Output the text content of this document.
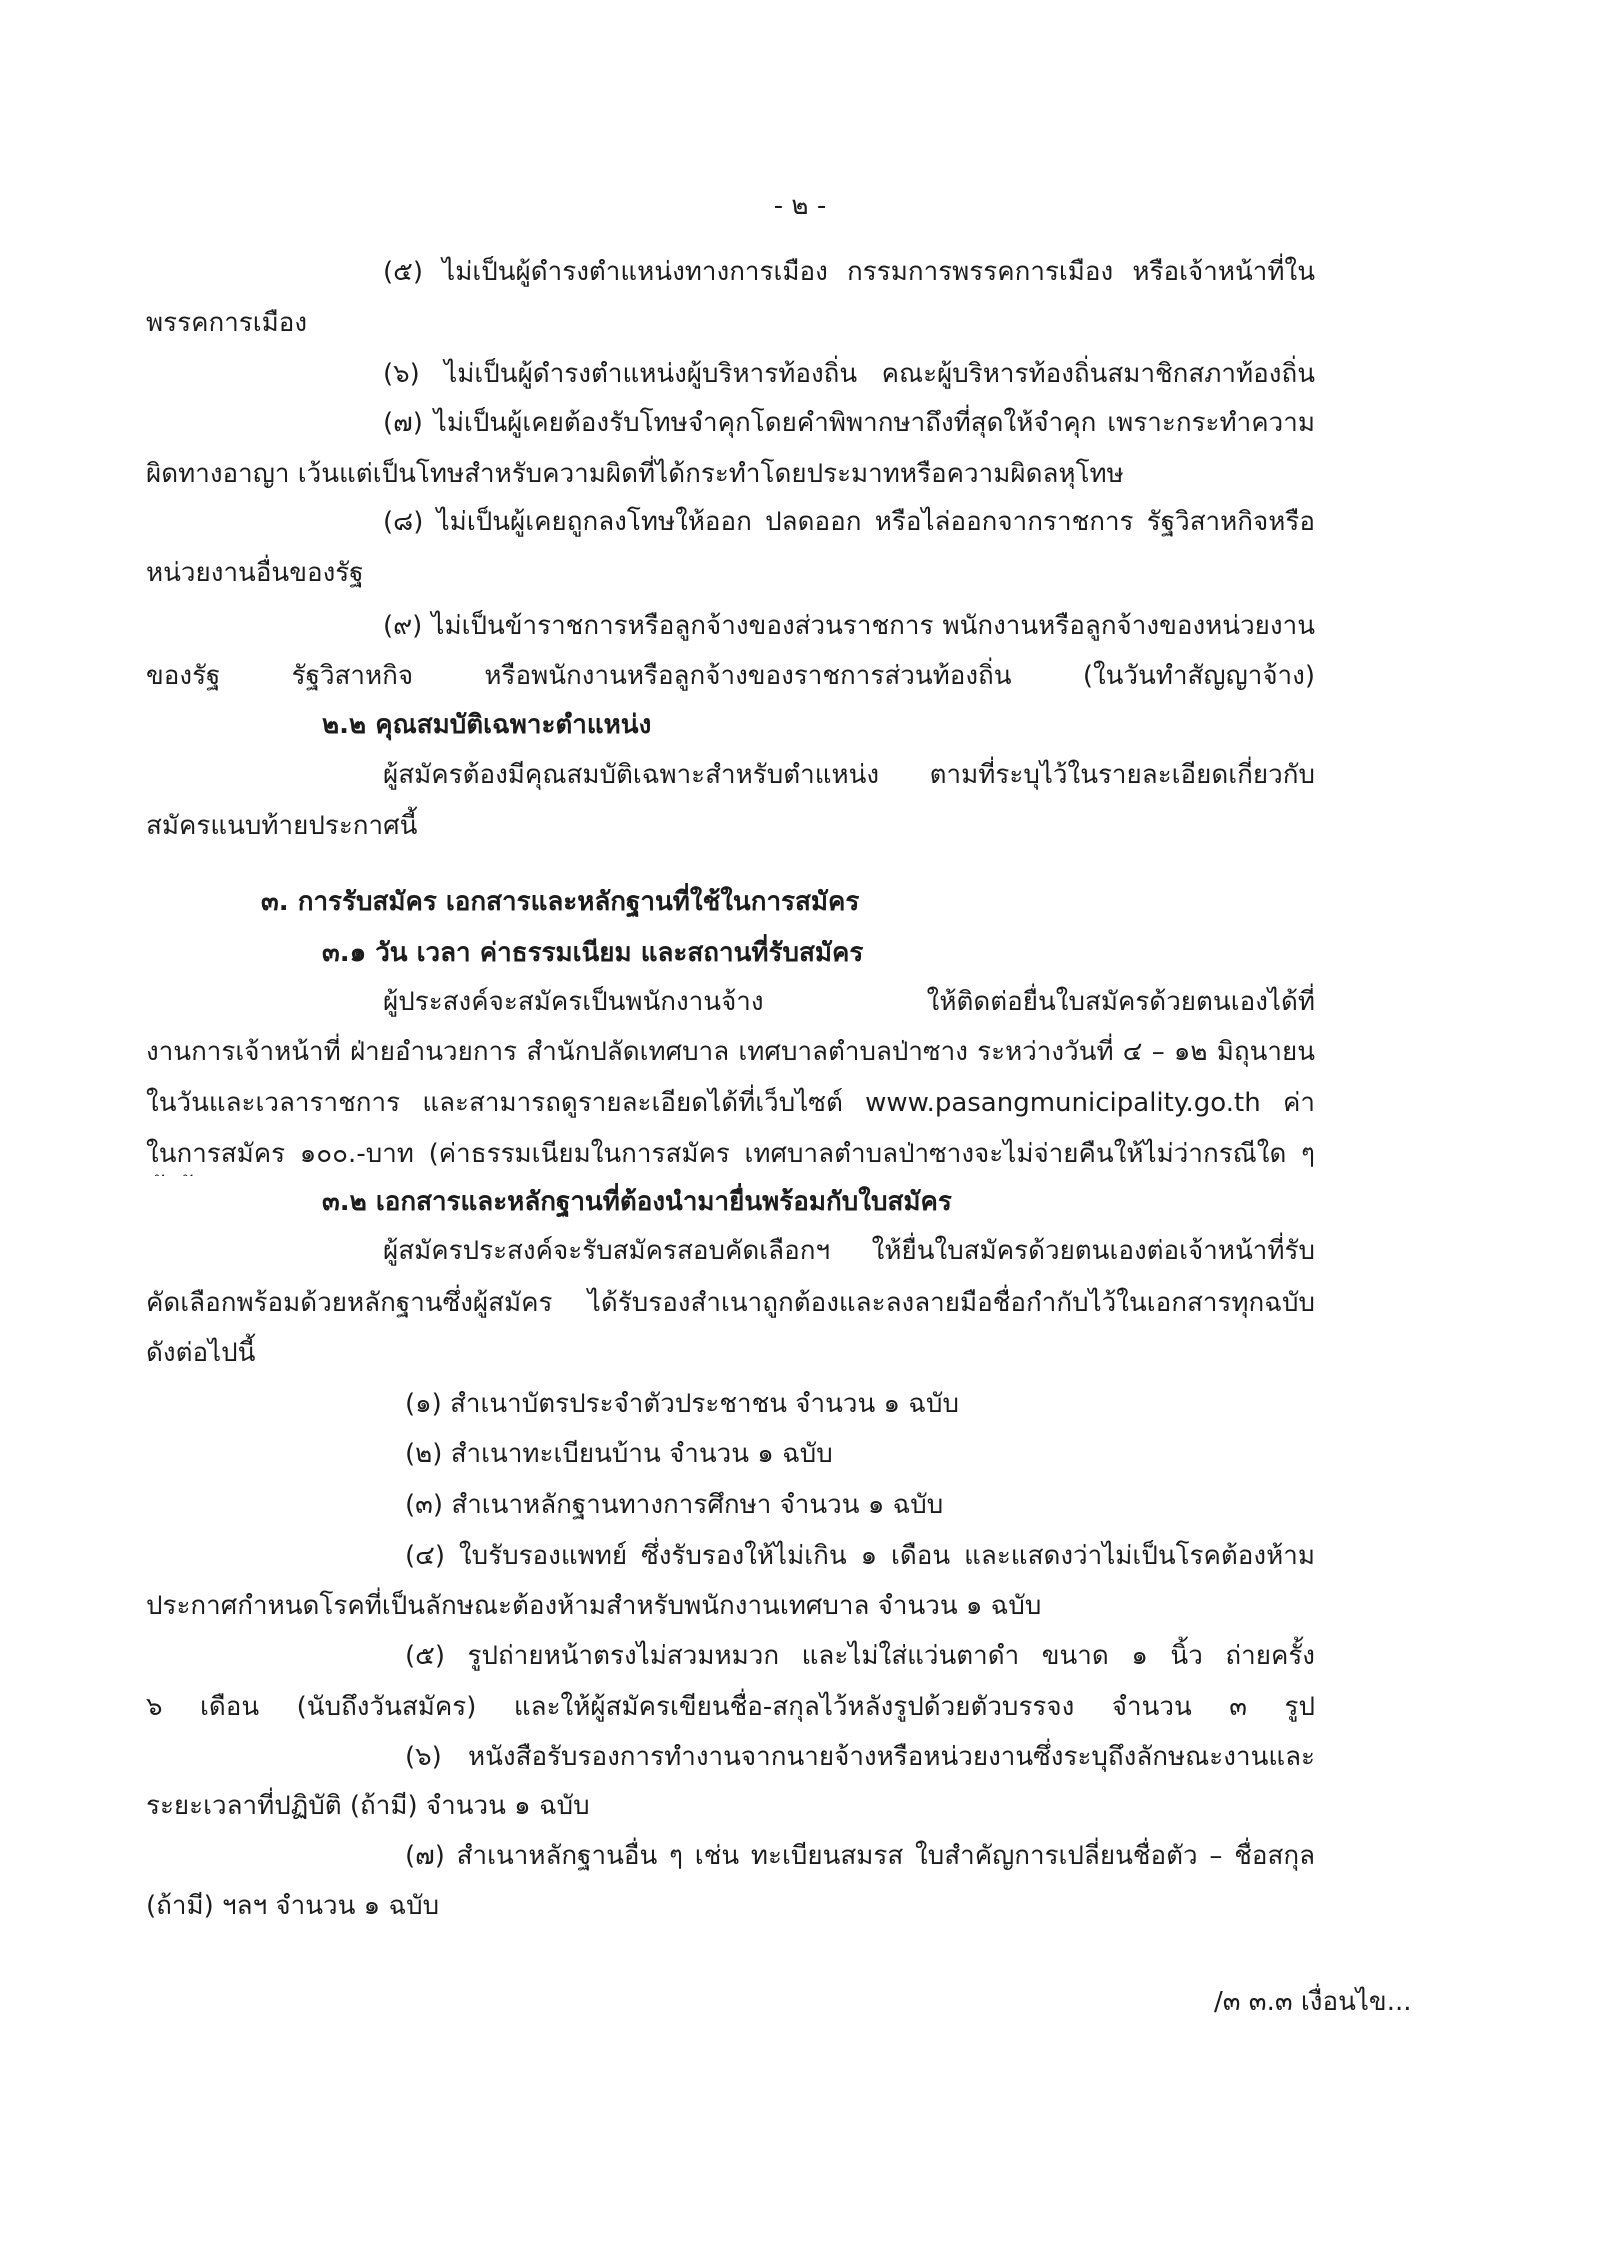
- ๒ -
(๕) ไม่เป็นผู้ดำรงตำแหน่งทางการเมือง กรรมการพรรคการเมือง หรือเจ้าหน้าที่ใน
พรรคการเมือง
(๖) ไม่เป็นผู้ดำรงตำแหน่งผู้บริหารท้องถิ่น คณะผู้บริหารท้องถิ่นสมาชิกสภาท้องถิ่น
(๗) ไม่เป็นผู้เคยต้องรับโทษจำคุกโดยคำพิพากษาถึงที่สุดให้จำคุก เพราะกระทำความ
ผิดทางอาญา เว้นแต่เป็นโทษสำหรับความผิดที่ได้กระทำโดยประมาทหรือความผิดลหุโทษ
(๘) ไม่เป็นผู้เคยถูกลงโทษให้ออก ปลดออก หรือไล่ออกจากราชการ รัฐวิสาหกิจหรือ
หน่วยงานอื่นของรัฐ
(๙) ไม่เป็นข้าราชการหรือลูกจ้างของส่วนราชการ พนักงานหรือลูกจ้างของหน่วยงาน
ของรัฐ รัฐวิสาหกิจ หรือพนักงานหรือลูกจ้างของราชการส่วนท้องถิ่น (ในวันทำสัญญาจ้าง)
๒.๒ คุณสมบัติเฉพาะตำแหน่ง
ผู้สมัครต้องมีคุณสมบัติเฉพาะสำหรับตำแหน่ง ตามที่ระบุไว้ในรายละเอียดเกี่ยวกับ
สมัครแนบท้ายประกาศนี้
๓. การรับสมัคร เอกสารและหลักฐานที่ใช้ในการสมัคร
๓.๑ วัน เวลา ค่าธรรมเนียม และสถานที่รับสมัคร
ผู้ประสงค์จะสมัครเป็นพนักงานจ้าง ให้ติดต่อยื่นใบสมัครด้วยตนเองได้ที่
งานการเจ้าหน้าที่ ฝ่ายอำนวยการ สำนักปลัดเทศบาล เทศบาลตำบลป่าซาง ระหว่างวันที่ ๔ – ๑๒ มิถุนายน
ในวันและเวลาราชการ และสามารถดูรายละเอียดได้ที่เว็บไซต์ www.pasangmunicipality.go.th ค่า
ในการสมัคร ๑๐๐.-บาท (ค่าธรรมเนียมในการสมัคร เทศบาลตำบลป่าซางจะไม่จ่ายคืนให้ไม่ว่ากรณีใด ๆ
๓.๒ เอกสารและหลักฐานที่ต้องนำมายื่นพร้อมกับใบสมัคร
ผู้สมัครประสงค์จะรับสมัครสอบคัดเลือกฯ ให้ยื่นใบสมัครด้วยตนเองต่อเจ้าหน้าที่รับ
คัดเลือกพร้อมด้วยหลักฐานซึ่งผู้สมัคร ได้รับรองสำเนาถูกต้องและลงลายมือชื่อกำกับไว้ในเอกสารทุกฉบับ
ดังต่อไปนี้
(๑) สำเนาบัตรประจำตัวประชาชน จำนวน ๑ ฉบับ
(๒) สำเนาทะเบียนบ้าน จำนวน ๑ ฉบับ
(๓) สำเนาหลักฐานทางการศึกษา จำนวน ๑ ฉบับ
(๔) ใบรับรองแพทย์ ซึ่งรับรองให้ไม่เกิน ๑ เดือน และแสดงว่าไม่เป็นโรคต้องห้าม
ประกาศกำหนดโรคที่เป็นลักษณะต้องห้ามสำหรับพนักงานเทศบาล จำนวน ๑ ฉบับ
(๕) รูปถ่ายหน้าตรงไม่สวมหมวก และไม่ใส่แว่นตาดำ ขนาด ๑ นิ้ว ถ่ายครั้ง
๖ เดือน (นับถึงวันสมัคร) และให้ผู้สมัครเขียนชื่อ-สกุลไว้หลังรูปด้วยตัวบรรจง จำนวน ๓ รูป
(๖) หนังสือรับรองการทำงานจากนายจ้างหรือหน่วยงานซึ่งระบุถึงลักษณะงานและ
ระยะเวลาที่ปฏิบัติ (ถ้ามี) จำนวน ๑ ฉบับ
(๗) สำเนาหลักฐานอื่น ๆ เช่น ทะเบียนสมรส ใบสำคัญการเปลี่ยนชื่อตัว – ชื่อสกุล
(ถ้ามี) ฯลฯ จำนวน ๑ ฉบับ
/๓ ๓.๓ เงื่อนไข...
